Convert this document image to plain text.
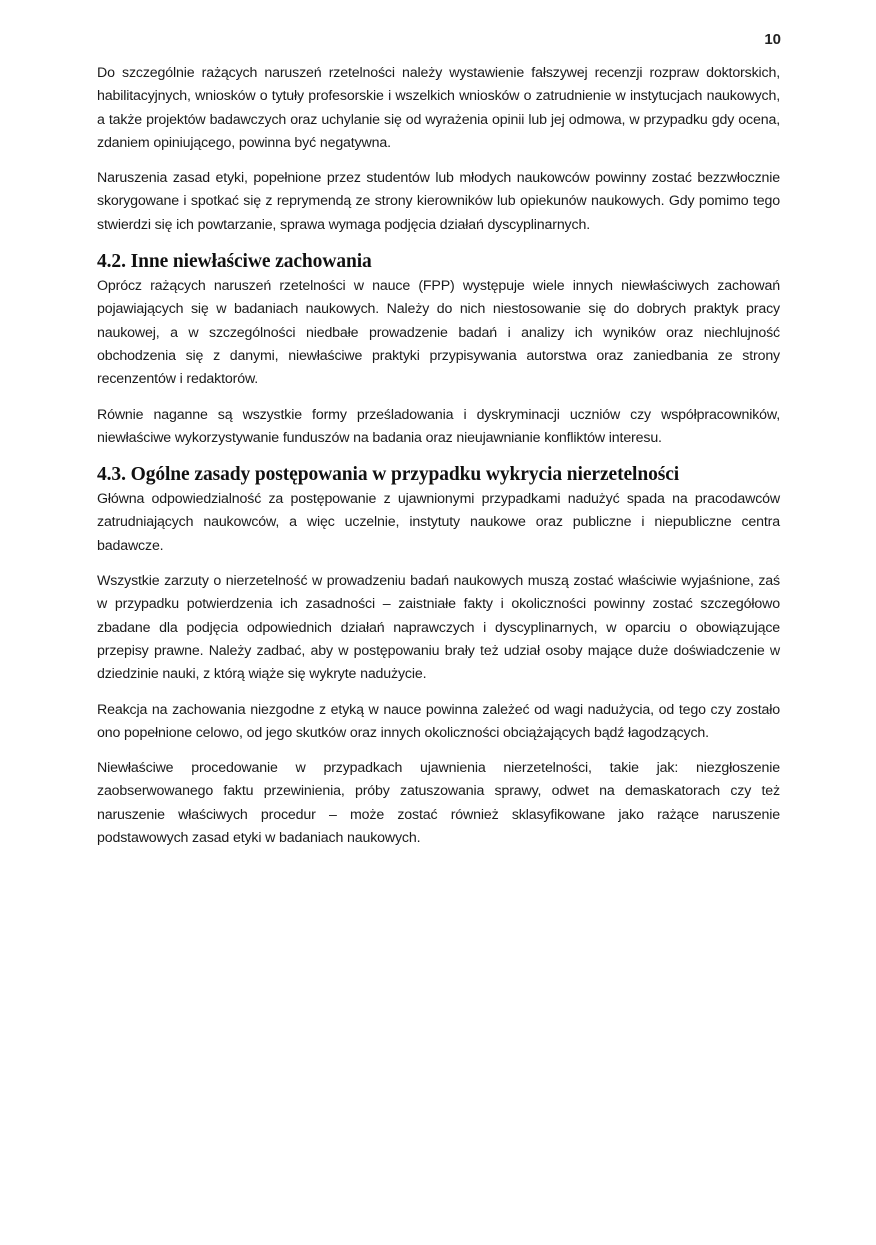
10

Do szczególnie rażących naruszeń rzetelności należy wystawienie fałszywej recenzji rozpraw doktorskich, habilitacyjnych, wniosków o tytuły profesorskie i wszelkich wniosków o zatrudnienie w instytucjach naukowych, a także projektów badawczych oraz uchylanie się od wyrażenia opinii lub jej odmowa, w przypadku gdy ocena, zdaniem opiniującego, powinna być negatywna.

Naruszenia zasad etyki, popełnione przez studentów lub młodych naukowców powinny zostać bezzwłocznie skorygowane i spotkać się z reprymendą ze strony kierowników lub opiekunów naukowych. Gdy pomimo tego stwierdzi się ich powtarzanie, sprawa wymaga podjęcia działań dyscyplinarnych.

4.2. Inne niewłaściwe zachowania

Oprócz rażących naruszeń rzetelności w nauce (FPP) występuje wiele innych niewłaściwych zachowań pojawiających się w badaniach naukowych. Należy do nich niestosowanie się do dobrych praktyk pracy naukowej, a w szczególności niedbałe prowadzenie badań i analizy ich wyników oraz niechlujność obchodzenia się z danymi, niewłaściwe praktyki przypisywania autorstwa oraz zaniedbania ze strony recenzentów i redaktorów.

Równie naganne są wszystkie formy prześladowania i dyskryminacji uczniów czy współpracowników, niewłaściwe wykorzystywanie funduszów na badania oraz nieujawnianie konfliktów interesu.

4.3. Ogólne zasady postępowania w przypadku wykrycia nierzetelności

Główna odpowiedzialność za postępowanie z ujawnionymi przypadkami nadużyć spada na pracodawców zatrudniających naukowców, a więc uczelnie, instytuty naukowe oraz publiczne i niepubliczne centra badawcze.

Wszystkie zarzuty o nierzetelność w prowadzeniu badań naukowych muszą zostać właściwie wyjaśnione, zaś w przypadku potwierdzenia ich zasadności – zaistniałe fakty i okoliczności powinny zostać szczegółowo zbadane dla podjęcia odpowiednich działań naprawczych i dyscyplinarnych, w oparciu o obowiązujące przepisy prawne. Należy zadbać, aby w postępowaniu brały też udział osoby mające duże doświadczenie w dziedzinie nauki, z którą wiąże się wykryte nadużycie.

Reakcja na zachowania niezgodne z etyką w nauce powinna zależeć od wagi nadużycia, od tego czy zostało ono popełnione celowo, od jego skutków oraz innych okoliczności obciążających bądź łagodzących.

Niewłaściwe procedowanie w przypadkach ujawnienia nierzetelności, takie jak: niezgłoszenie zaobserwowanego faktu przewinienia, próby zatuszowania sprawy, odwet na demaskatorach czy też naruszenie właściwych procedur – może zostać również sklasyfikowane jako rażące naruszenie podstawowych zasad etyki w badaniach naukowych.
